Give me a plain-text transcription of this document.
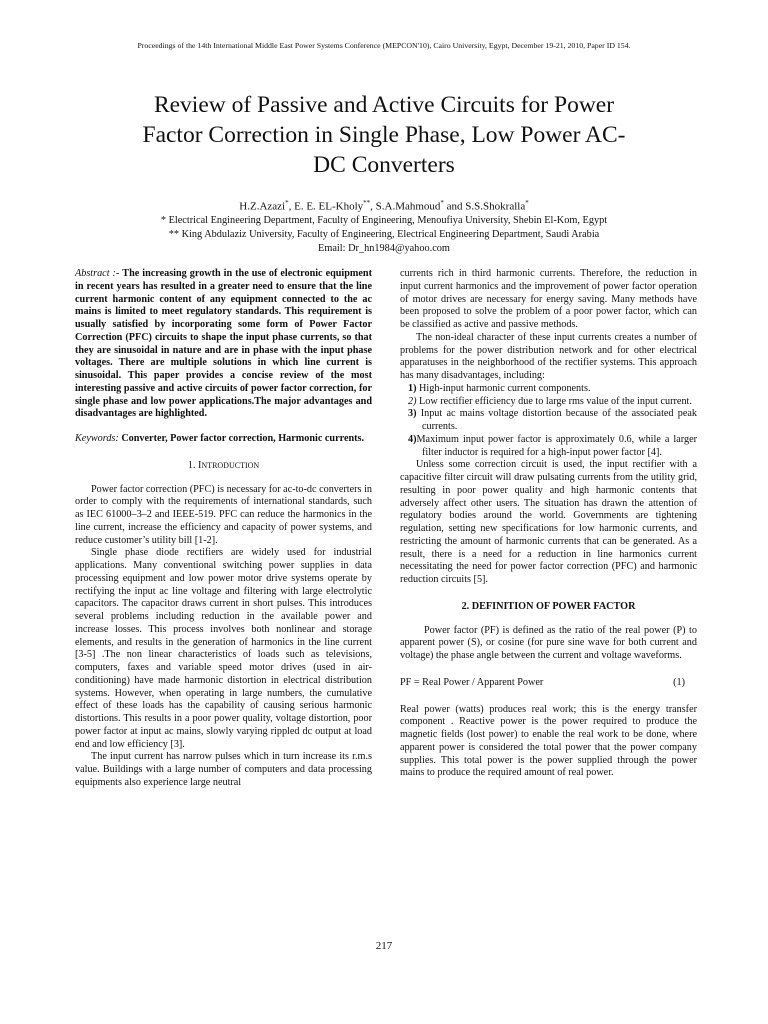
Proceedings of the 14th International Middle East Power Systems Conference (MEPCON'10), Cairo University, Egypt, December 19-21, 2010, Paper ID 154.
Review of Passive and Active Circuits for Power
Factor Correction in Single Phase, Low Power AC-
DC Converters
H.Z.Azazi*, E. E. EL-Kholy**, S.A.Mahmoud* and S.S.Shokralla*
* Electrical Engineering Department, Faculty of Engineering, Menoufiya University, Shebin El-Kom, Egypt
** King Abdulaziz University, Faculty of Engineering, Electrical Engineering Department, Saudi Arabia
Email: Dr_hn1984@yahoo.com

Abstract :- The increasing growth in the use of electronic equipment in recent years has resulted in a greater need to ensure that the line current harmonic content of any equipment connected to the ac mains is limited to meet regulatory standards. This requirement is usually satisfied by incorporating some form of Power Factor Correction (PFC) circuits to shape the input phase currents, so that they are sinusoidal in nature and are in phase with the input phase voltages. There are multiple solutions in which line current is sinusoidal. This paper provides a concise review of the most interesting passive and active circuits of power factor correction, for single phase and low power applications.The major advantages and disadvantages are highlighted.

Keywords: Converter, Power factor correction, Harmonic currents.

1. INTRODUCTION

Power factor correction (PFC) is necessary for ac-to-dc converters in order to comply with the requirements of international standards, such as IEC 61000–3–2 and IEEE-519. PFC can reduce the harmonics in the line current, increase the efficiency and capacity of power systems, and reduce customer’s utility bill [1-2].

Single phase diode rectifiers are widely used for industrial applications. Many conventional switching power supplies in data processing equipment and low power motor drive systems operate by rectifying the input ac line voltage and filtering with large electrolytic capacitors. The capacitor draws current in short pulses. This introduces several problems including reduction in the available power and increase losses. This process involves both nonlinear and storage elements, and results in the generation of harmonics in the line current [3-5] .The non linear characteristics of loads such as televisions, computers, faxes and variable speed motor drives (used in air-conditioning) have made harmonic distortion in electrical distribution systems. However, when operating in large numbers, the cumulative effect of these loads has the capability of causing serious harmonic distortions. This results in a poor power quality, voltage distortion, poor power factor at input ac mains, slowly varying rippled dc output at load end and low efficiency [3].

The input current has narrow pulses which in turn increase its r.m.s value. Buildings with a large number of computers and data processing equipments also experience large neutral

currents rich in third harmonic currents. Therefore, the reduction in input current harmonics and the improvement of power factor operation of motor drives are necessary for energy saving. Many methods have been proposed to solve the problem of a poor power factor, which can be classified as active and passive methods.

The non-ideal character of these input currents creates a number of problems for the power distribution network and for other electrical apparatuses in the neighborhood of the rectifier systems. This approach has many disadvantages, including:

1) High-input harmonic current components.

2) Low rectifier efficiency due to large rms value of the input current.

3) Input ac mains voltage distortion because of the associated peak currents.

4)Maximum input power factor is approximately 0.6, while a larger filter inductor is required for a high-input power factor [4].

Unless some correction circuit is used, the input rectifier with a capacitive filter circuit will draw pulsating currents from the utility grid, resulting in poor power quality and high harmonic contents that adversely affect other users. The situation has drawn the attention of regulatory bodies around the world. Governments are tightening regulation, setting new specifications for low harmonic currents, and restricting the amount of harmonic currents that can be generated. As a result, there is a need for a reduction in line harmonics current necessitating the need for power factor correction (PFC) and harmonic reduction circuits [5].

2. DEFINITION OF POWER FACTOR

Power factor (PF) is defined as the ratio of the real power (P) to apparent power (S), or cosine (for pure sine wave for both current and voltage) the phase angle between the current and voltage waveforms.

PF = Real Power / Apparent Power	(1)

Real power (watts) produces real work; this is the energy transfer component . Reactive power is the power required to produce the magnetic fields (lost power) to enable the real work to be done, where apparent power is considered the total power that the power company supplies. This total power is the power supplied through the power mains to produce the required amount of real power.

217
